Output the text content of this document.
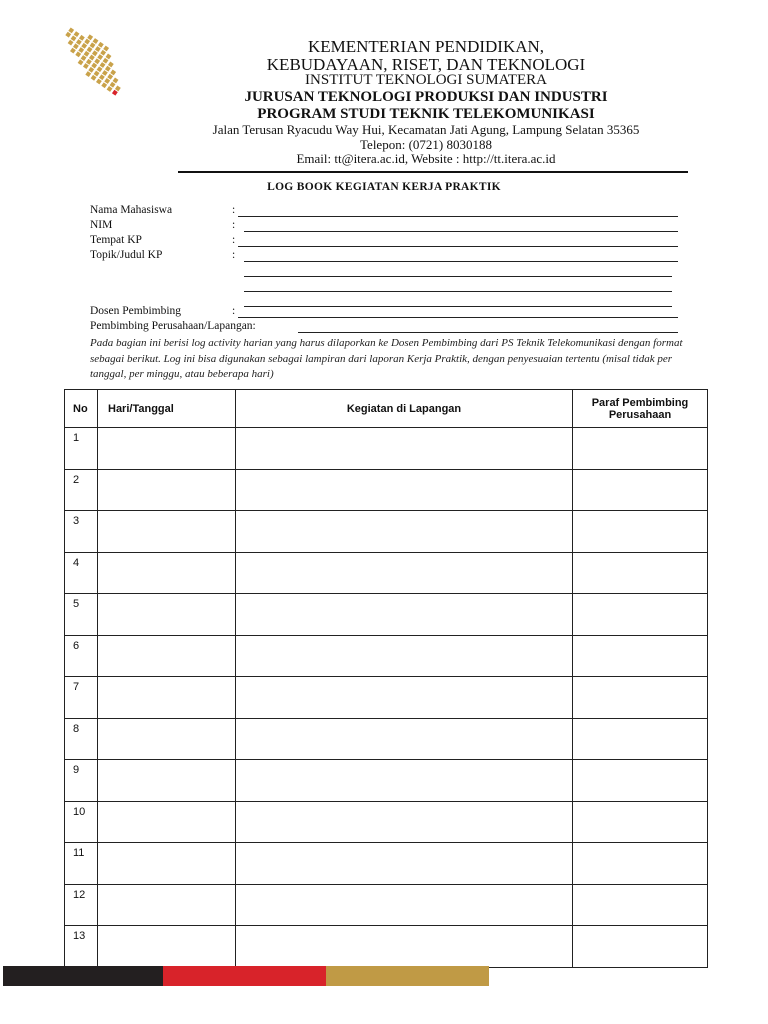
KEMENTERIAN PENDIDIKAN,
KEBUDAYAAN, RISET, DAN TEKNOLOGI
INSTITUT TEKNOLOGI SUMATERA
JURUSAN TEKNOLOGI PRODUKSI DAN INDUSTRI
PROGRAM STUDI TEKNIK TELEKOMUNIKASI
Jalan Terusan Ryacudu Way Hui, Kecamatan Jati Agung, Lampung Selatan 35365
Telepon: (0721) 8030188
Email: tt@itera.ac.id, Website : http://tt.itera.ac.id
LOG BOOK KEGIATAN KERJA PRAKTIK
Nama Mahasiswa	:
NIM	:
Tempat KP	:
Topik/Judul KP	:
Dosen Pembimbing	:
Pembimbing Perusahaan/Lapangan:
Pada bagian ini berisi log activity harian yang harus dilaporkan ke Dosen Pembimbing dari PS Teknik Telekomunikasi dengan format sebagai berikut. Log ini bisa digunakan sebagai lampiran dari laporan Kerja Praktik, dengan penyesuaian tertentu (misal tidak per tanggal, per minggu, atau beberapa hari)
No	Hari/Tanggal	Kegiatan di Lapangan	Paraf Pembimbing
Perusahaan
1			
2			
3			
4			
5			
6			
7			
8			
9			
10			
11			
12			
13			
